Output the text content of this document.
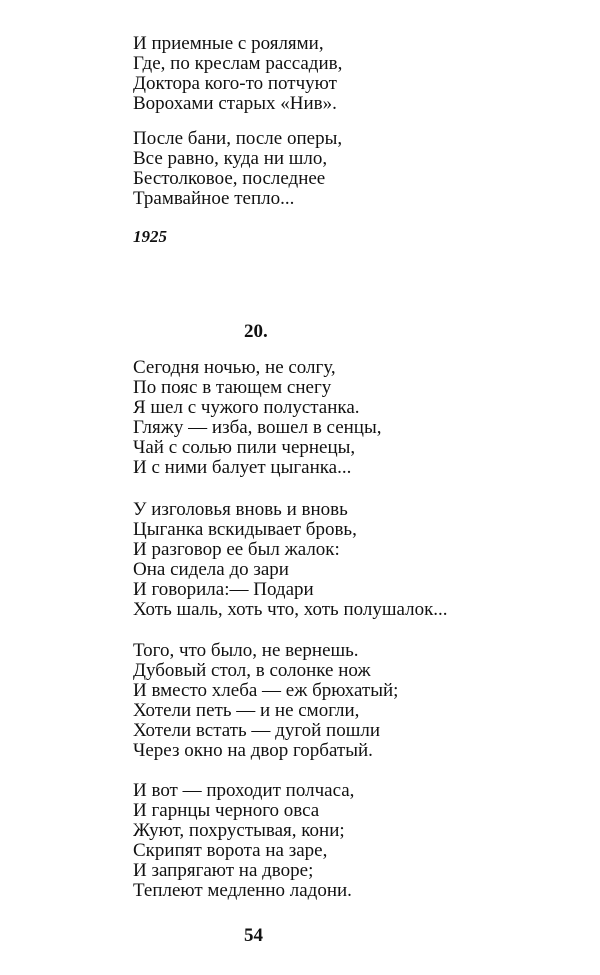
И приемные с роялями,
Где, по креслам рассадив,
Доктора кого-то потчуют
Ворохами старых «Нив».
После бани, после оперы,
Все равно, куда ни шло,
Бестолковое, последнее
Трамвайное тепло...
1925
20.
Сегодня ночью, не солгу,
По пояс в тающем снегу
Я шел с чужого полустанка.
Гляжу — изба, вошел в сенцы,
Чай с солью пили чернецы,
И с ними балует цыганка...
У изголовья вновь и вновь
Цыганка вскидывает бровь,
И разговор ее был жалок:
Она сидела до зари
И говорила:— Подари
Хоть шаль, хоть что, хоть полушалок...
Того, что было, не вернешь.
Дубовый стол, в солонке нож
И вместо хлеба — еж брюхатый;
Хотели петь — и не смогли,
Хотели встать — дугой пошли
Через окно на двор горбатый.
И вот — проходит полчаса,
И гарнцы черного овса
Жуют, похрустывая, кони;
Скрипят ворота на заре,
И запрягают на дворе;
Теплеют медленно ладони.
54
